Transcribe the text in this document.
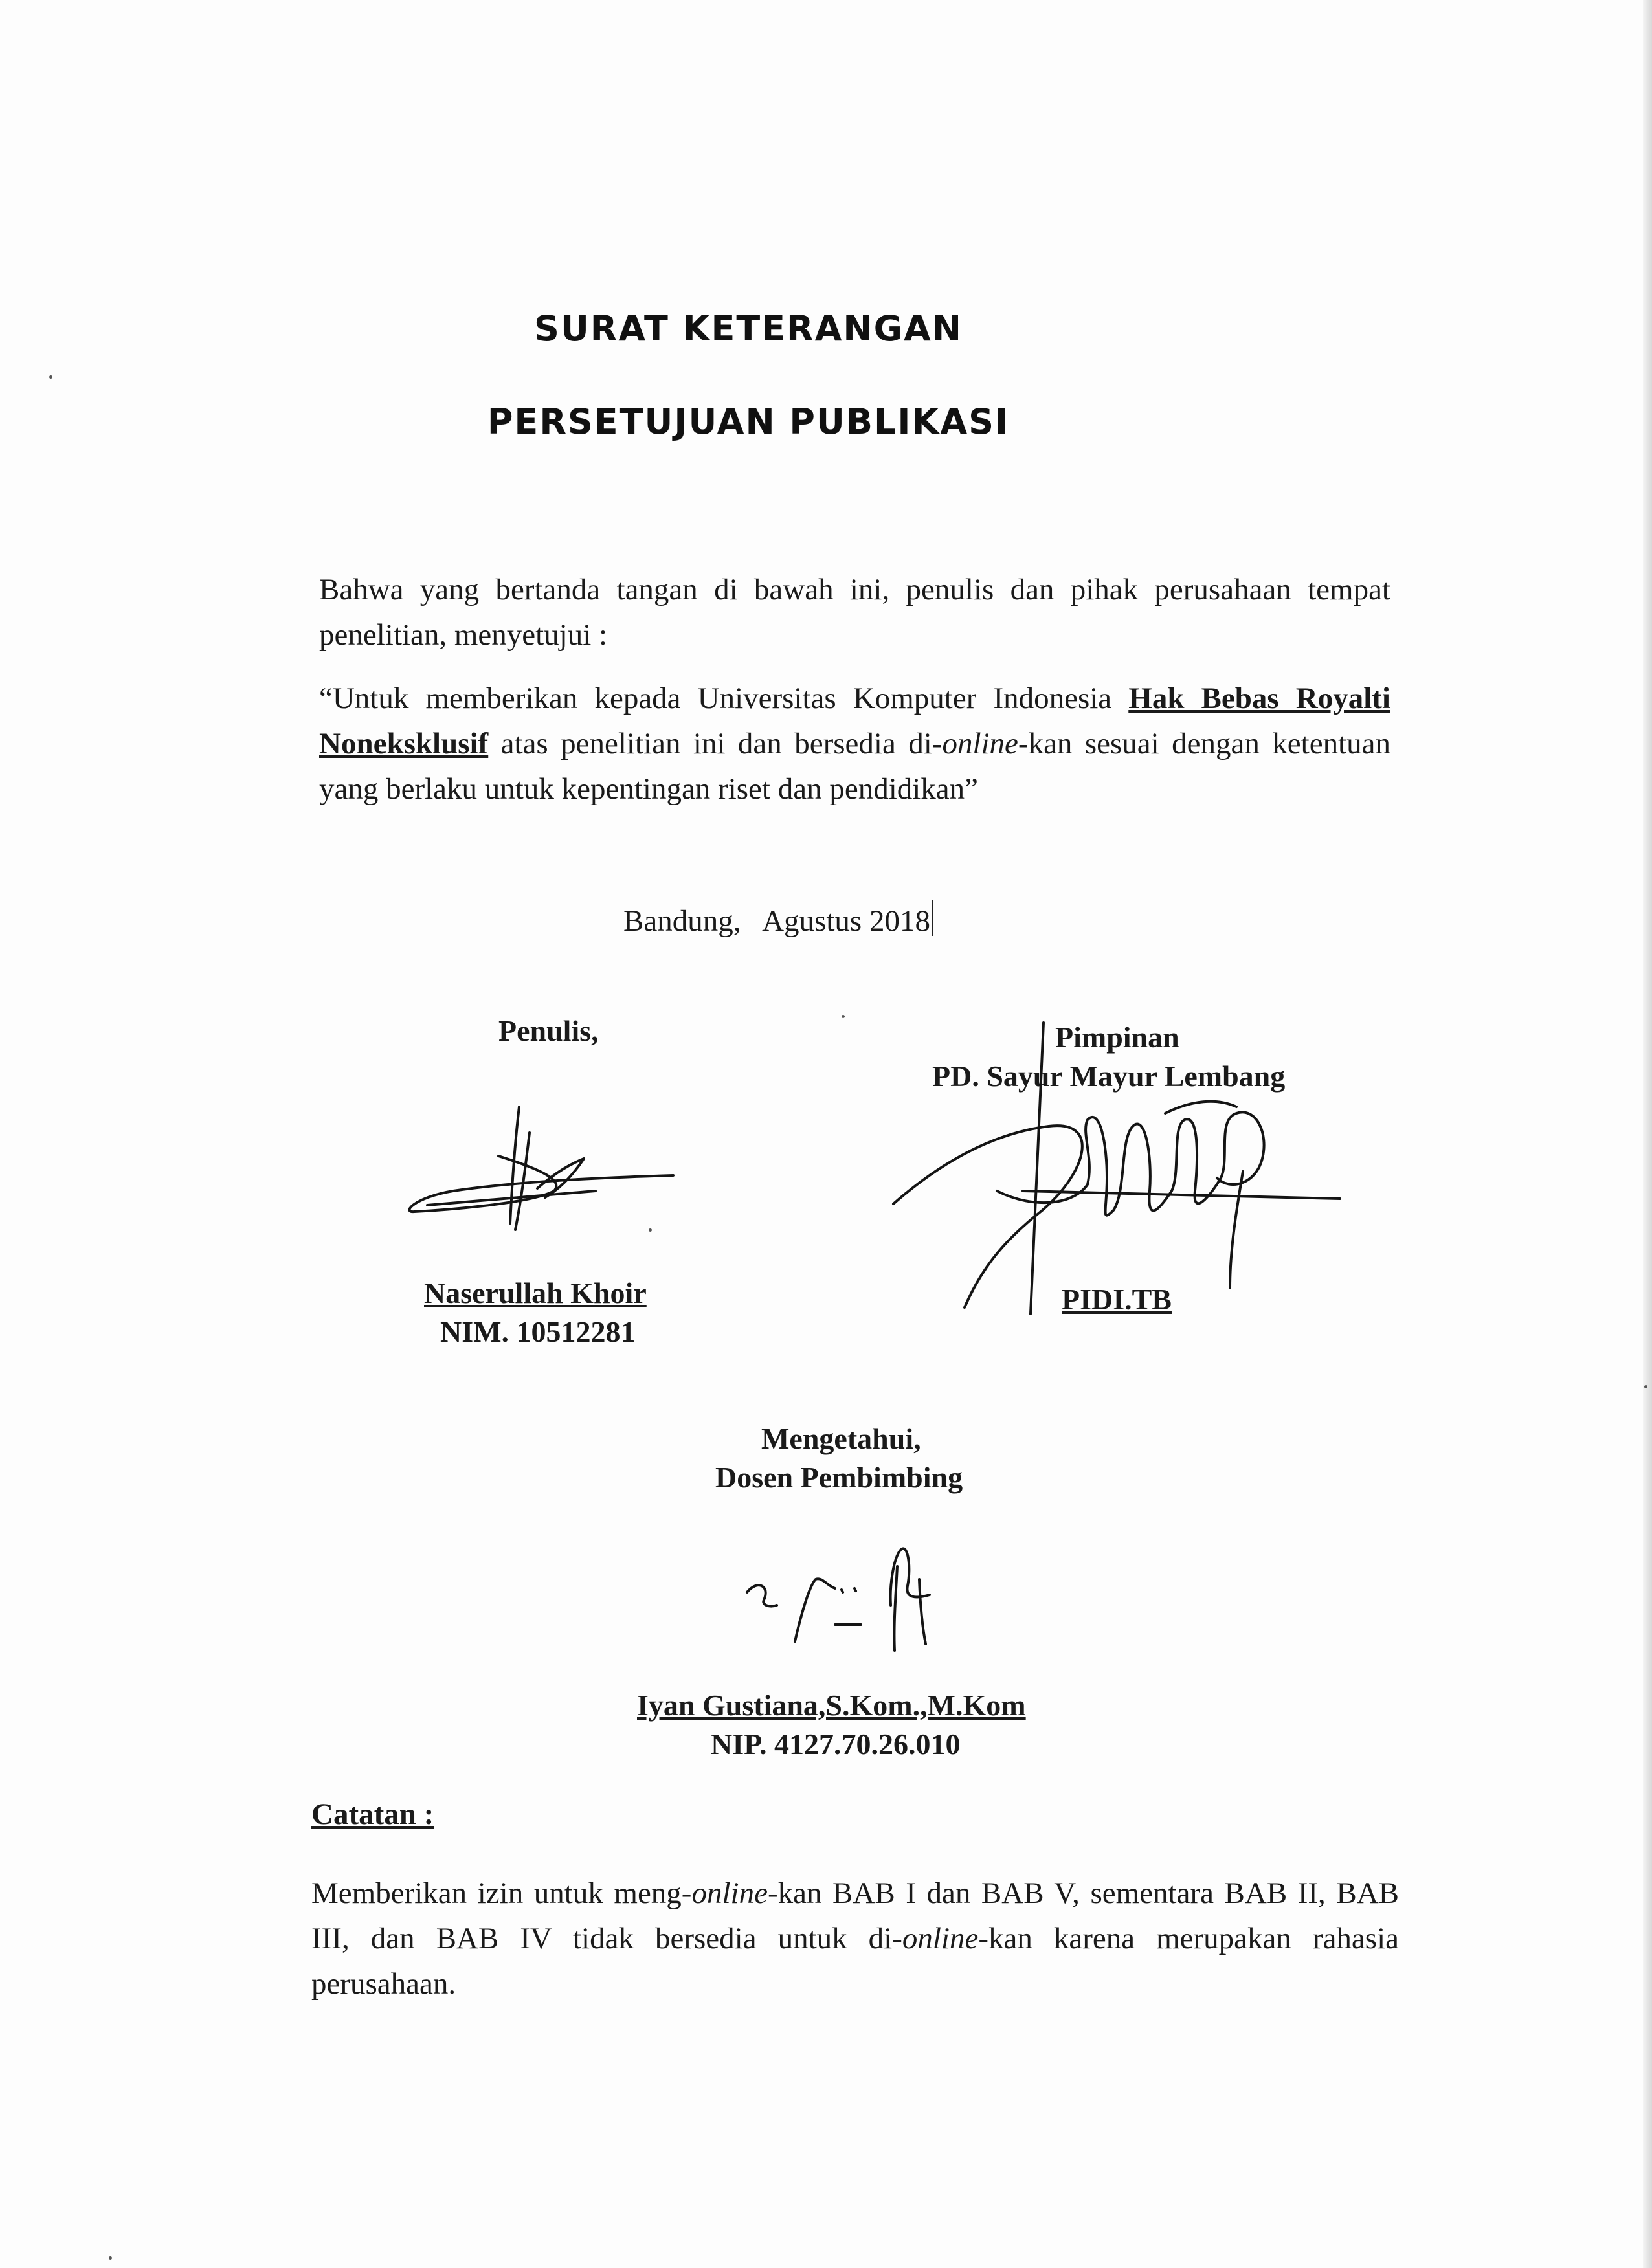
SURAT KETERANGAN
PERSETUJUAN PUBLIKASI

Bahwa yang bertanda tangan di bawah ini, penulis dan pihak perusahaan tempat penelitian, menyetujui :

“Untuk memberikan kepada Universitas Komputer Indonesia Hak Bebas Royalti Noneksklusif atas penelitian ini dan bersedia di-online-kan sesuai dengan ketentuan yang berlaku untuk kepentingan riset dan pendidikan”

Bandung,   Agustus 2018
Penulis,
Naserullah Khoir
NIM. 10512281
Pimpinan
PD. Sayur Mayur Lembang
PIDI.TB
Mengetahui,
Dosen Pembimbing
Iyan Gustiana,S.Kom.,M.Kom
NIP. 4127.70.26.010
Catatan :

Memberikan izin untuk meng-online-kan BAB I dan BAB V, sementara BAB II, BAB III, dan BAB IV tidak bersedia untuk di-online-kan karena merupakan rahasia perusahaan.
